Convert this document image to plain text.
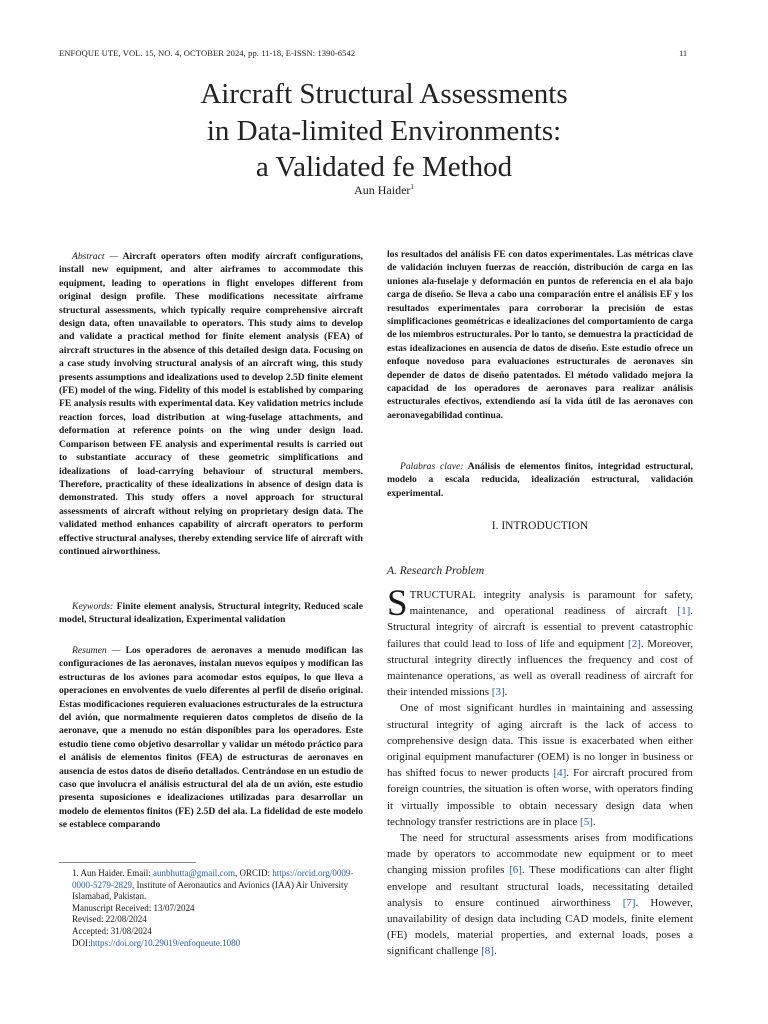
ENFOQUE UTE, VOL. 15, NO. 4, OCTOBER 2024, pp. 11-18, E-ISSN: 1390-6542	11
Aircraft Structural Assessments
in Data-limited Environments:
a Validated fe Method
Aun Haider$^1$
Abstract — Aircraft operators often modify aircraft configurations, install new equipment, and alter airframes to accommodate this equipment, leading to operations in flight envelopes different from original design profile. These modifications necessitate airframe structural assessments, which typically require comprehensive aircraft design data, often unavailable to operators. This study aims to develop and validate a practical method for finite element analysis (FEA) of aircraft structures in the absence of this detailed design data. Focusing on a case study involving structural analysis of an aircraft wing, this study presents assumptions and idealizations used to develop 2.5D finite element (FE) model of the wing. Fidelity of this model is established by comparing FE analysis results with experimental data. Key validation metrics include reaction forces, load distribution at wing-fuselage attachments, and deformation at reference points on the wing under design load. Comparison between FE analysis and experimental results is carried out to substantiate accuracy of these geometric simplifications and idealizations of load-carrying behaviour of structural members. Therefore, practicality of these idealizations in absence of design data is demonstrated. This study offers a novel approach for structural assessments of aircraft without relying on proprietary design data. The validated method enhances capability of aircraft operators to perform effective structural analyses, thereby extending service life of aircraft with continued airworthiness.
Keywords: Finite element analysis, Structural integrity, Reduced scale model, Structural idealization, Experimental validation
Resumen — Los operadores de aeronaves a menudo modifican las configuraciones de las aeronaves, instalan nuevos equipos y modifican las estructuras de los aviones para acomodar estos equipos, lo que lleva a operaciones en envolventes de vuelo diferentes al perfil de diseño original. Estas modificaciones requieren evaluaciones estructurales de la estructura del avión, que normalmente requieren datos completos de diseño de la aeronave, que a menudo no están disponibles para los operadores. Este estudio tiene como objetivo desarrollar y validar un método práctico para el análisis de elementos finitos (FEA) de estructuras de aeronaves en ausencia de estos datos de diseño detallados. Centrándose en un estudio de caso que involucra el análisis estructural del ala de un avión, este estudio presenta suposiciones e idealizaciones utilizadas para desarrollar un modelo de elementos finitos (FE) 2.5D del ala. La fidelidad de este modelo se establece comparando
1. Aun Haider. Email: aunbhutta@gmail.com, ORCID: https://orcid.org/0009-0000-5279-2829, Institute of Aeronautics and Avionics (IAA) Air University Islamabad, Pakistan.
Manuscript Received: 13/07/2024
Revised: 22/08/2024
Accepted: 31/08/2024
DOI:https://doi.org/10.29019/enfoqueute.1080
los resultados del análisis FE con datos experimentales. Las métricas clave de validación incluyen fuerzas de reacción, distribución de carga en las uniones ala-fuselaje y deformación en puntos de referencia en el ala bajo carga de diseño. Se lleva a cabo una comparación entre el análisis EF y los resultados experimentales para corroborar la precisión de estas simplificaciones geométricas e idealizaciones del comportamiento de carga de los miembros estructurales. Por lo tanto, se demuestra la practicidad de estas idealizaciones en ausencia de datos de diseño. Este estudio ofrece un enfoque novedoso para evaluaciones estructurales de aeronaves sin depender de datos de diseño patentados. El método validado mejora la capacidad de los operadores de aeronaves para realizar análisis estructurales efectivos, extendiendo así la vida útil de las aeronaves con aeronavegabilidad continua.
Palabras clave: Análisis de elementos finitos, integridad estructural, modelo a escala reducida, idealización estructural, validación experimental.
I. INTRODUCTION
A. Research Problem

STRUCTURAL integrity analysis is paramount for safety, maintenance, and operational readiness of aircraft [1]. Structural integrity of aircraft is essential to prevent catastrophic failures that could lead to loss of life and equipment [2]. Moreover, structural integrity directly influences the frequency and cost of maintenance operations, as well as overall readiness of aircraft for their intended missions [3].

One of most significant hurdles in maintaining and assessing structural integrity of aging aircraft is the lack of access to comprehensive design data. This issue is exacerbated when either original equipment manufacturer (OEM) is no longer in business or has shifted focus to newer products [4]. For aircraft procured from foreign countries, the situation is often worse, with operators finding it virtually impossible to obtain necessary design data when technology transfer restrictions are in place [5].

The need for structural assessments arises from modifications made by operators to accommodate new equipment or to meet changing mission profiles [6]. These modifications can alter flight envelope and resultant structural loads, necessitating detailed analysis to ensure continued airworthiness [7]. However, unavailability of design data including CAD models, finite element (FE) models, material properties, and external loads, poses a significant challenge [8].
